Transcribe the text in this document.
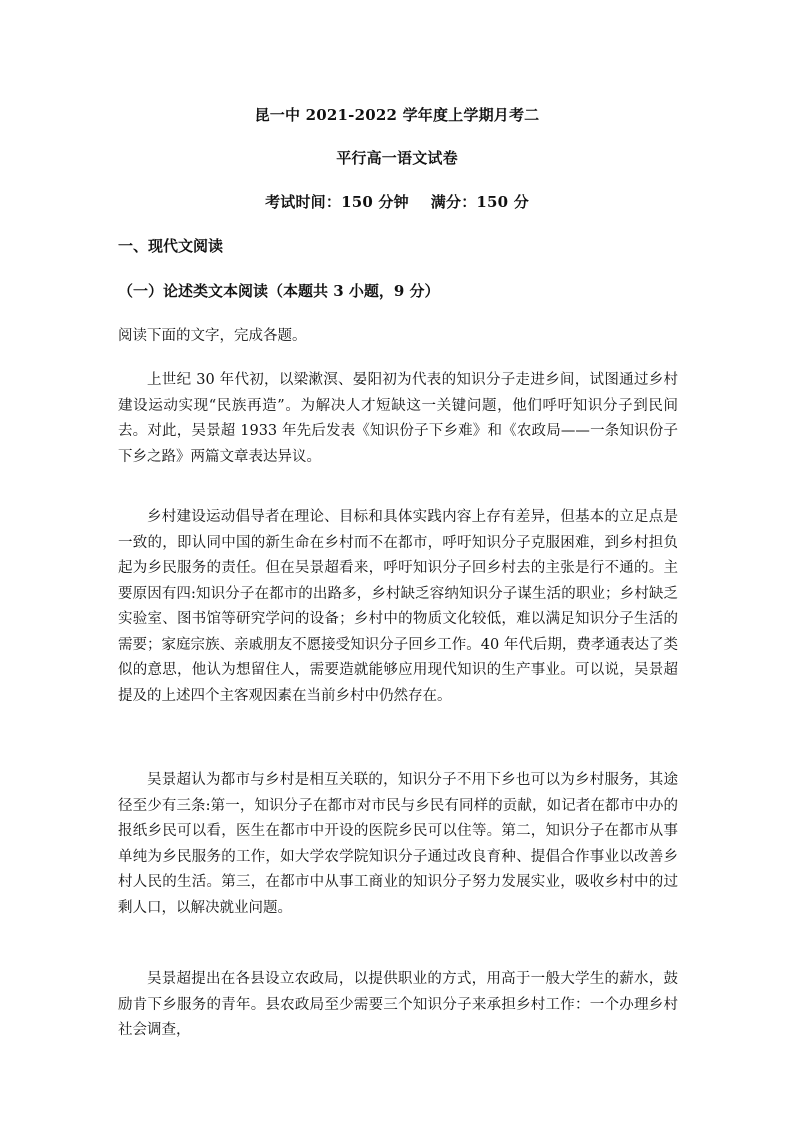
昆一中 2021-2022 学年度上学期月考二
平行高一语文试卷
考试时间：150 分钟 满分：150 分
一、现代文阅读
（一）论述类文本阅读（本题共 3 小题，9 分）
阅读下面的文字，完成各题。

上世纪 30 年代初，以梁漱溟、晏阳初为代表的知识分子走进乡间，试图通过乡村建设运动实现“民族再造”。为解决人才短缺这一关键问题，他们呼吁知识分子到民间去。对此，吴景超 1933 年先后发表《知识份子下乡难》和《农政局——一条知识份子下乡之路》两篇文章表达异议。

乡村建设运动倡导者在理论、目标和具体实践内容上存有差异，但基本的立足点是一致的，即认同中国的新生命在乡村而不在都市，呼吁知识分子克服困难，到乡村担负起为乡民服务的责任。但在吴景超看来，呼吁知识分子回乡村去的主张是行不通的。主要原因有四:知识分子在都市的出路多，乡村缺乏容纳知识分子谋生活的职业；乡村缺乏实验室、图书馆等研究学问的设备；乡村中的物质文化较低，难以满足知识分子生活的需要；家庭宗族、亲戚朋友不愿接受知识分子回乡工作。40 年代后期，费孝通表达了类似的意思，他认为想留住人，需要造就能够应用现代知识的生产事业。可以说，吴景超提及的上述四个主客观因素在当前乡村中仍然存在。

吴景超认为都市与乡村是相互关联的，知识分子不用下乡也可以为乡村服务，其途径至少有三条:第一，知识分子在都市对市民与乡民有同样的贡献，如记者在都市中办的报纸乡民可以看，医生在都市中开设的医院乡民可以住等。第二，知识分子在都市从事单纯为乡民服务的工作，如大学农学院知识分子通过改良育种、提倡合作事业以改善乡村人民的生活。第三，在都市中从事工商业的知识分子努力发展实业，吸收乡村中的过剩人口，以解决就业问题。

吴景超提出在各县设立农政局，以提供职业的方式，用高于一般大学生的薪水，鼓励肯下乡服务的青年。县农政局至少需要三个知识分子来承担乡村工作：一个办理乡村社会调查，
